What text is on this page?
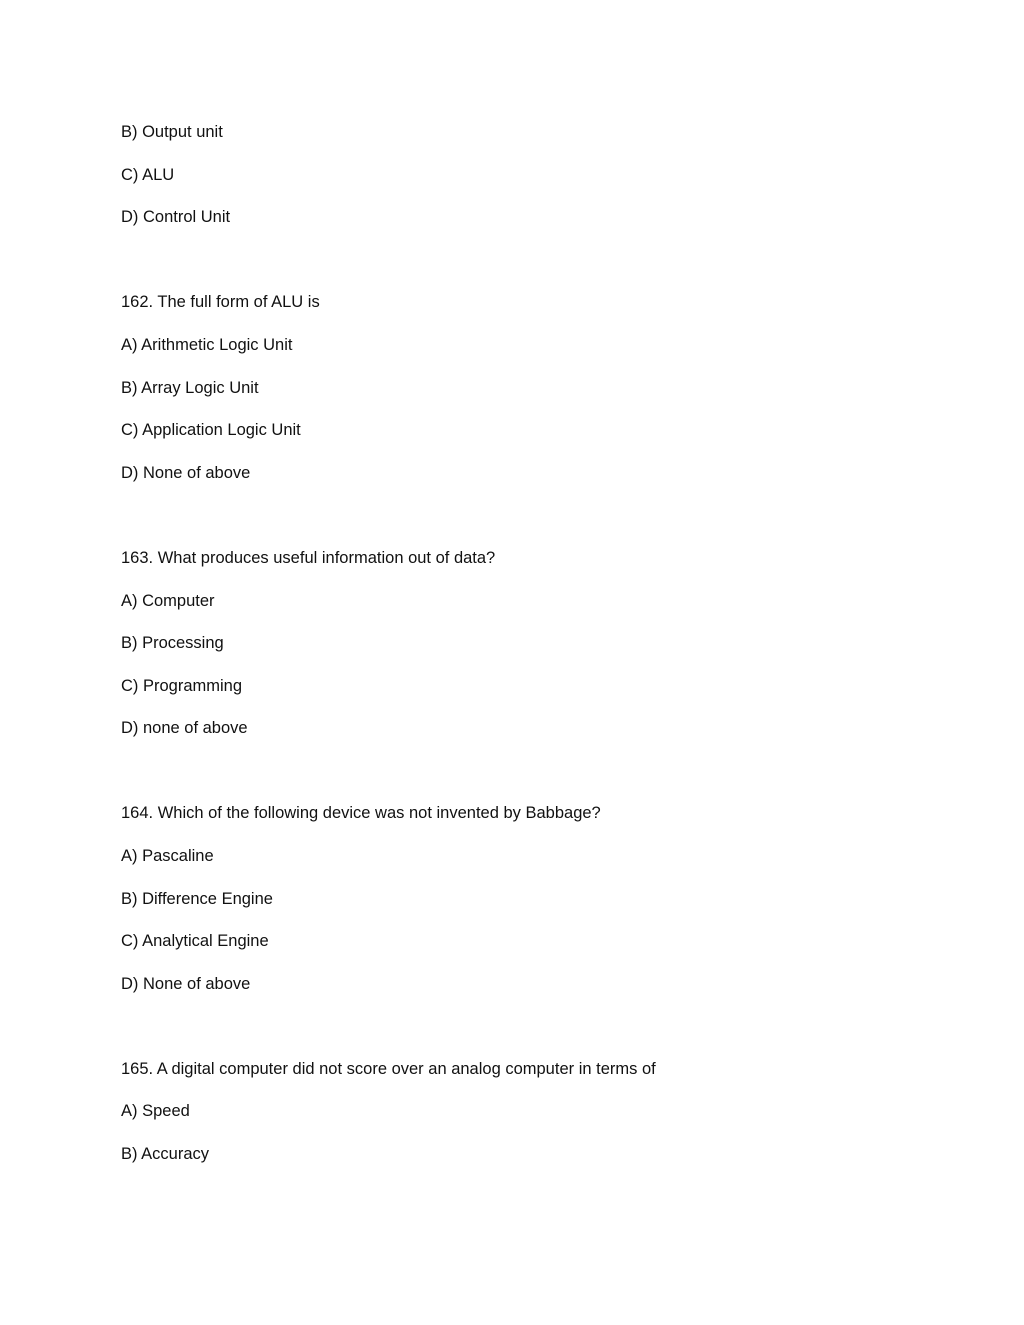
B) Output unit
C) ALU
D) Control Unit
162. The full form of ALU is
A) Arithmetic Logic Unit
B) Array Logic Unit
C) Application Logic Unit
D) None of above
163. What produces useful information out of data?
A) Computer
B) Processing
C) Programming
D) none of above
164. Which of the following device was not invented by Babbage?
A) Pascaline
B) Difference Engine
C) Analytical Engine
D) None of above
165. A digital computer did not score over an analog computer in terms of
A) Speed
B) Accuracy
